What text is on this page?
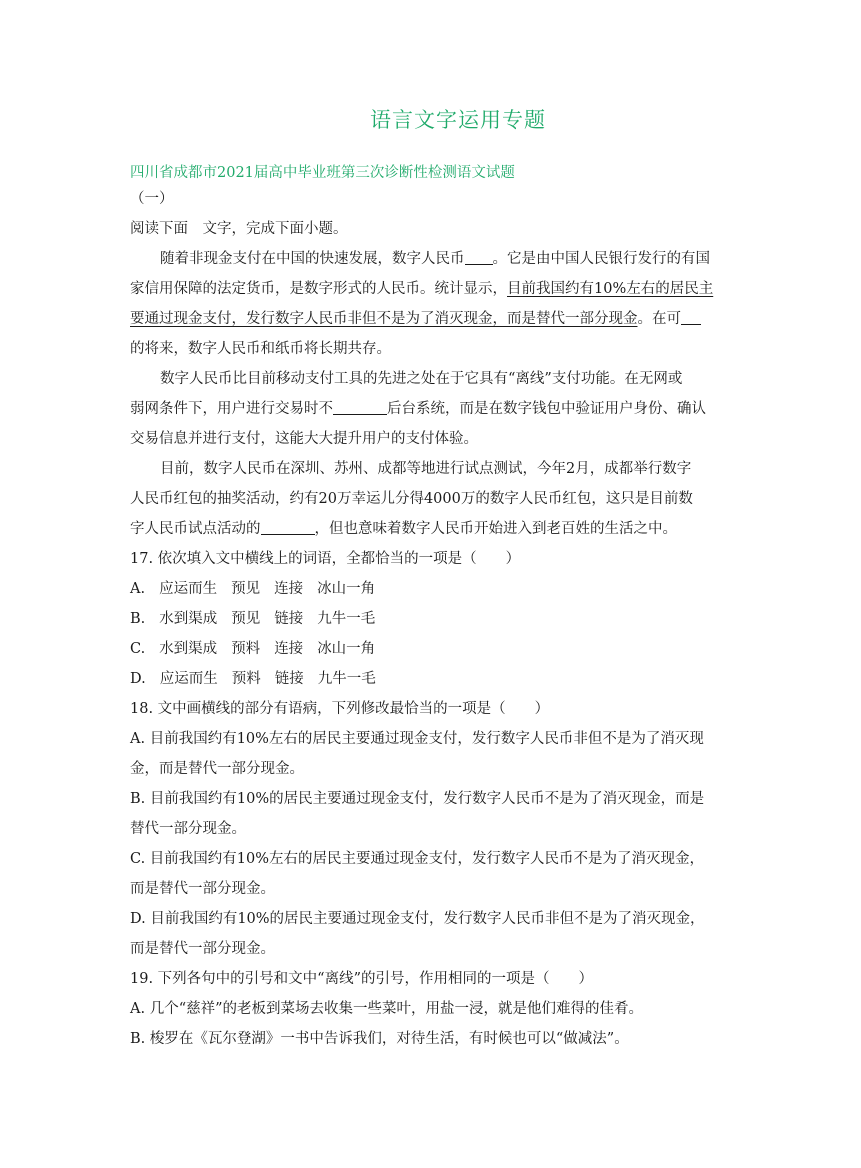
语言文字运用专题
四川省成都市2021届高中毕业班第三次诊断性检测语文试题
（一）
阅读下面　文字，完成下面小题。
随着非现金支付在中国的快速发展，数字人民币 。它是由中国人民银行发行的有国
家信用保障的法定货币，是数字形式的人民币。统计显示，目前我国约有10%左右的居民主
要通过现金支付，发行数字人民币非但不是为了消灭现金，而是替代一部分现金。在可
的将来，数字人民币和纸币将长期共存。
数字人民币比目前移动支付工具的先进之处在于它具有“离线”支付功能。在无网或
弱网条件下，用户进行交易时不	后台系统，而是在数字钱包中验证用户身份、确认
交易信息并进行支付，这能大大提升用户的支付体验。
目前，数字人民币在深圳、苏州、成都等地进行试点测试，今年2月，成都举行数字
人民币红包的抽奖活动，约有20万幸运儿分得4000万的数字人民币红包，这只是目前数
字人民币试点活动的	，但也意味着数字人民币开始进入到老百姓的生活之中。
17. 依次填入文中横线上的词语，全都恰当的一项是（　　）
A. 应运而生 预见 连接 冰山一角
B. 水到渠成 预见 链接 九牛一毛
C. 水到渠成 预料 连接 冰山一角
D. 应运而生 预料 链接 九牛一毛
18. 文中画横线的部分有语病，下列修改最恰当的一项是（　　）
A. 目前我国约有10%左右的居民主要通过现金支付，发行数字人民币非但不是为了消灭现
金，而是替代一部分现金。
B. 目前我国约有10%的居民主要通过现金支付，发行数字人民币不是为了消灭现金，而是
替代一部分现金。
C. 目前我国约有10%左右的居民主要通过现金支付，发行数字人民币不是为了消灭现金，
而是替代一部分现金。
D. 目前我国约有10%的居民主要通过现金支付，发行数字人民币非但不是为了消灭现金，
而是替代一部分现金。
19. 下列各句中的引号和文中“离线”的引号，作用相同的一项是（　　）
A. 几个“慈祥”的老板到菜场去收集一些菜叶，用盐一浸，就是他们难得的佳肴。
B. 梭罗在《瓦尔登湖》一书中告诉我们，对待生活，有时候也可以“做减法”。
